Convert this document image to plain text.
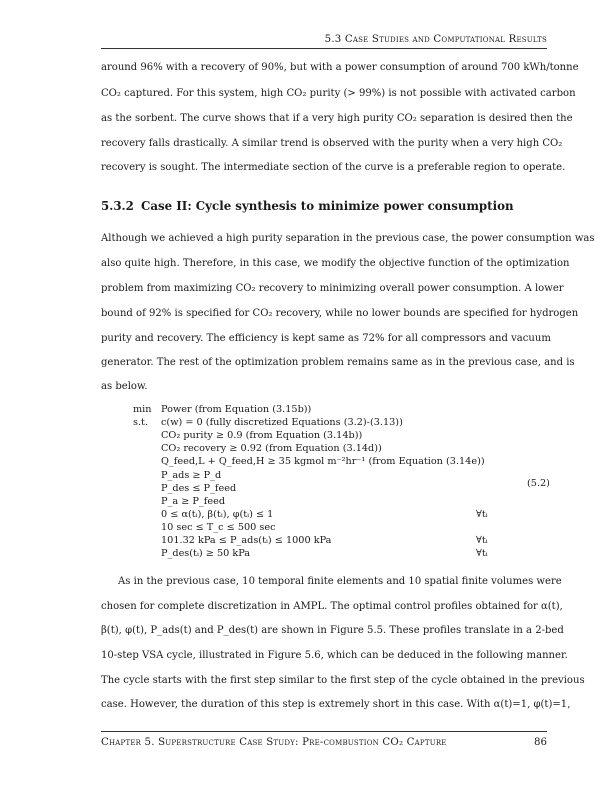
5.3 Case Studies and Computational Results
around 96% with a recovery of 90%, but with a power consumption of around 700 kWh/tonne
CO₂ captured. For this system, high CO₂ purity (> 99%) is not possible with activated carbon
as the sorbent. The curve shows that if a very high purity CO₂ separation is desired then the
recovery falls drastically. A similar trend is observed with the purity when a very high CO₂
recovery is sought. The intermediate section of the curve is a preferable region to operate.
5.3.2 Case II: Cycle synthesis to minimize power consumption
Although we achieved a high purity separation in the previous case, the power consumption was
also quite high. Therefore, in this case, we modify the objective function of the optimization
problem from maximizing CO₂ recovery to minimizing overall power consumption. A lower
bound of 92% is specified for CO₂ recovery, while no lower bounds are specified for hydrogen
purity and recovery. The efficiency is kept same as 72% for all compressors and vacuum
generator. The rest of the optimization problem remains same as in the previous case, and is
as below.
min Power (from Equation (3.15b))
s.t. c(w) = 0 (fully discretized Equations (3.2)-(3.13))
CO₂ purity ≥ 0.9 (from Equation (3.14b))
CO₂ recovery ≥ 0.92 (from Equation (3.14d))
Q_feed,L + Q_feed,H ≥ 35 kgmol m⁻²hr⁻¹ (from Equation (3.14e))
P_ads ≥ P_d
P_des ≤ P_feed
P_a ≥ P_feed
0 ≤ α(tᵢ), β(tᵢ), φ(tᵢ) ≤ 1	∀tᵢ
10 sec ≤ T_c ≤ 500 sec
101.32 kPa ≤ P_ads(tᵢ) ≤ 1000 kPa	∀tᵢ
P_des(tᵢ) ≥ 50 kPa	∀tᵢ
(5.2)
As in the previous case, 10 temporal finite elements and 10 spatial finite volumes were
chosen for complete discretization in AMPL. The optimal control profiles obtained for α(t),
β(t), φ(t), P_ads(t) and P_des(t) are shown in Figure 5.5. These profiles translate in a 2-bed
10-step VSA cycle, illustrated in Figure 5.6, which can be deduced in the following manner.
The cycle starts with the first step similar to the first step of the cycle obtained in the previous
case. However, the duration of this step is extremely short in this case. With α(t)=1, φ(t)=1,
Chapter 5. Superstructure Case Study: Pre-combustion CO₂ Capture	86
